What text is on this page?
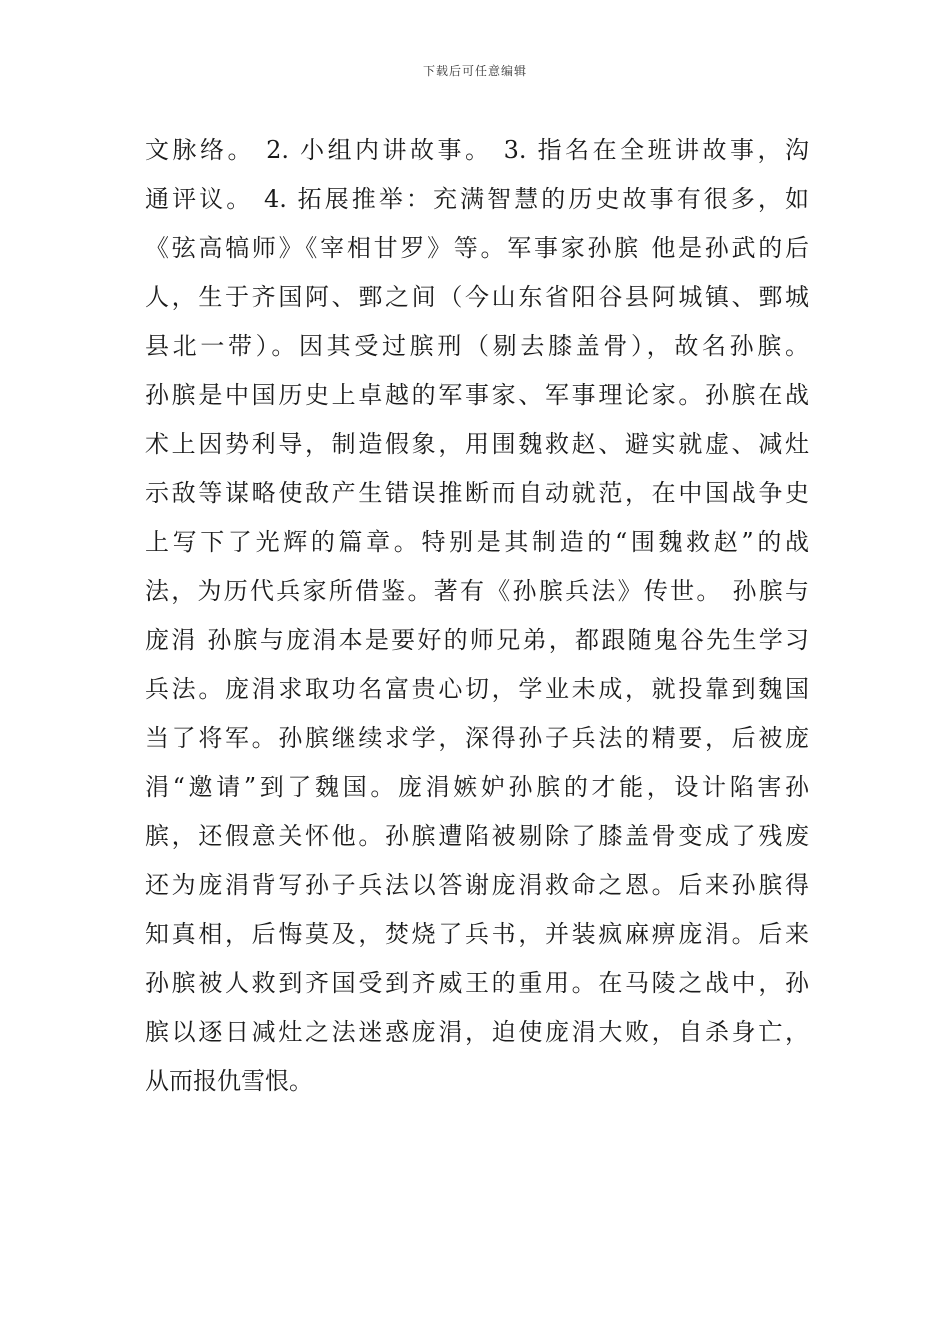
下载后可任意编辑
文脉络。 2. 小组内讲故事。 3. 指名在全班讲故事，沟
通评议。 4. 拓展推举：充满智慧的历史故事有很多，如
《弦高犒师》《宰相甘罗》等。军事家孙膑 他是孙武的后
人，生于齐国阿、鄄之间（今山东省阳谷县阿城镇、鄄城
县北一带）。因其受过膑刑（剔去膝盖骨），故名孙膑。
孙膑是中国历史上卓越的军事家、军事理论家。孙膑在战
术上因势利导，制造假象，用围魏救赵、避实就虚、减灶
示敌等谋略使敌产生错误推断而自动就范，在中国战争史
上写下了光辉的篇章。特别是其制造的“围魏救赵”的战
法，为历代兵家所借鉴。著有《孙膑兵法》传世。 孙膑与
庞涓 孙膑与庞涓本是要好的师兄弟，都跟随鬼谷先生学习
兵法。庞涓求取功名富贵心切，学业未成，就投靠到魏国
当了将军。孙膑继续求学，深得孙子兵法的精要，后被庞
涓“邀请”到了魏国。庞涓嫉妒孙膑的才能，设计陷害孙
膑，还假意关怀他。孙膑遭陷被剔除了膝盖骨变成了残废
还为庞涓背写孙子兵法以答谢庞涓救命之恩。后来孙膑得
知真相，后悔莫及，焚烧了兵书，并装疯麻痹庞涓。后来
孙膑被人救到齐国受到齐威王的重用。在马陵之战中，孙
膑以逐日减灶之法迷惑庞涓，迫使庞涓大败，自杀身亡，
从而报仇雪恨。
